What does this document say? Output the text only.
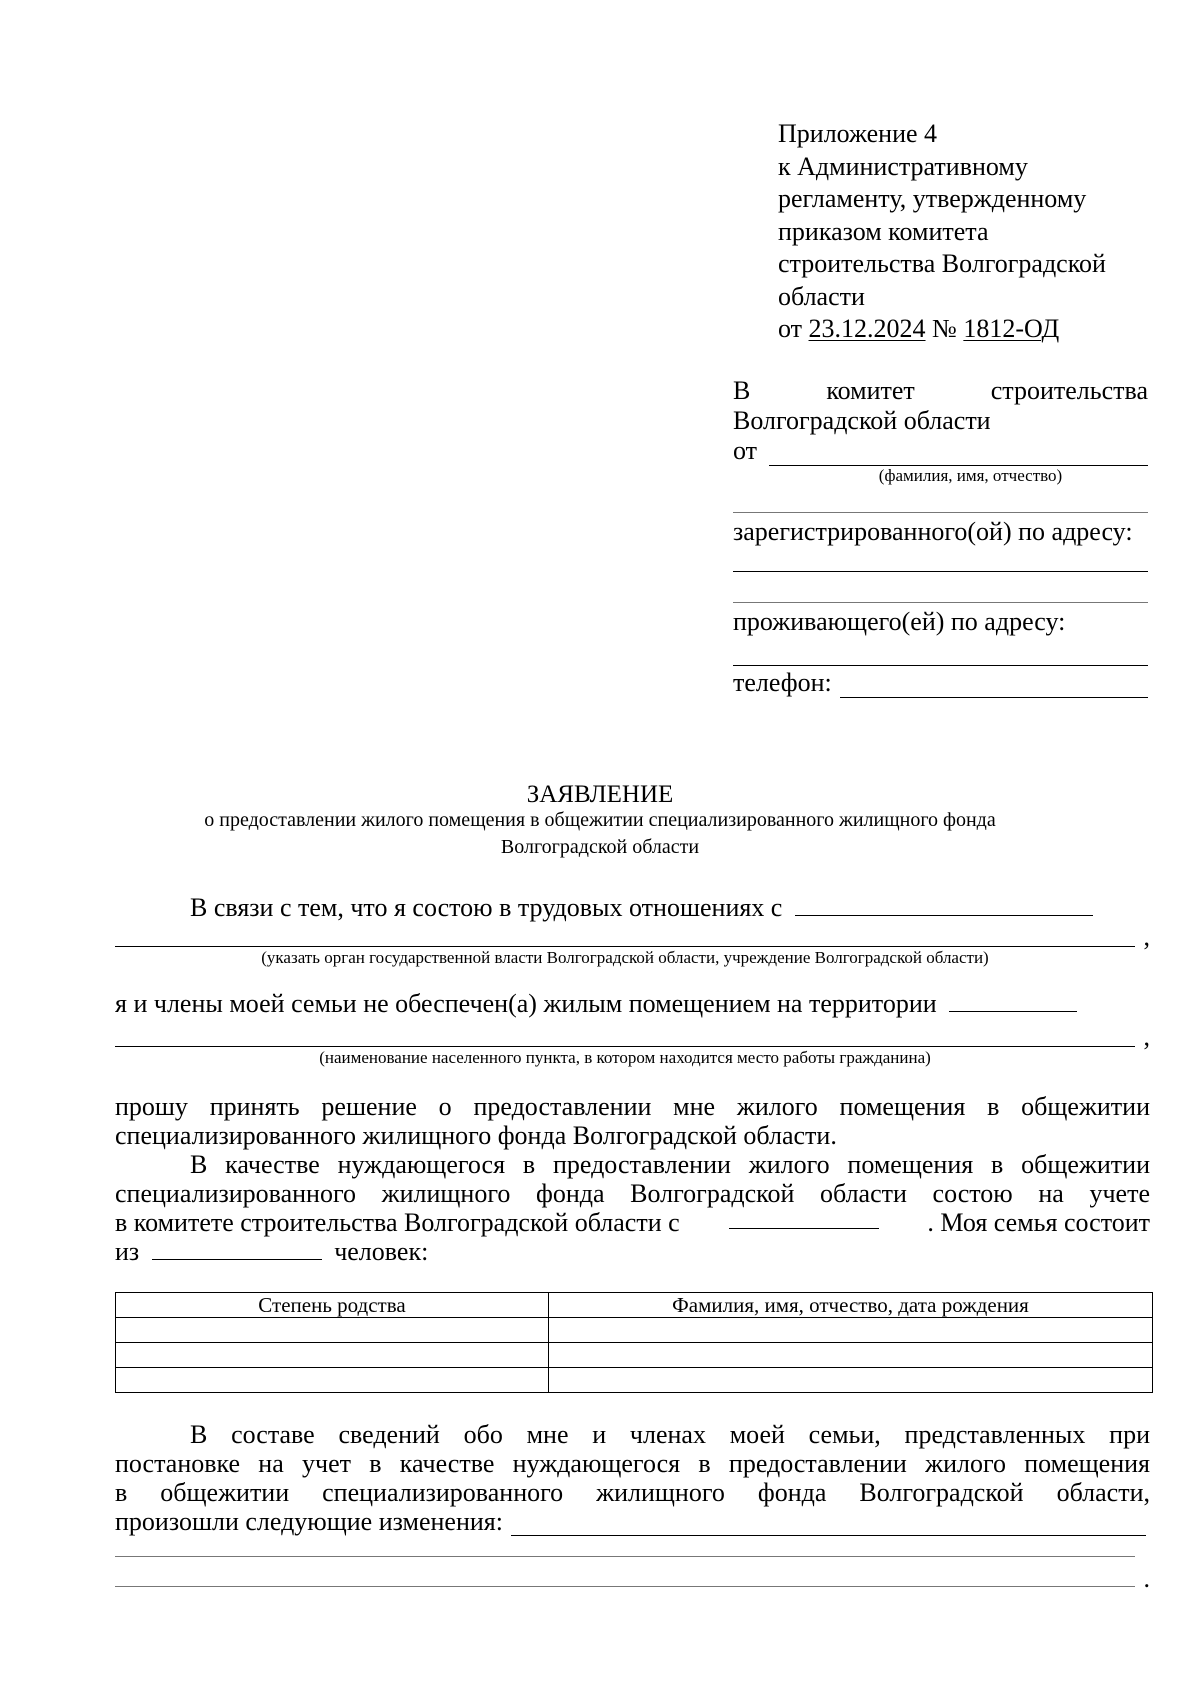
Приложение 4
к Административному
регламенту, утвержденному
приказом комитета
строительства Волгоградской
области
от 23.12.2024 № 1812-ОД
В	комитет	строительства
Волгоградской области
от
(фамилия, имя, отчество)
зарегистрированного(ой) по адресу:
проживающего(ей) по адресу:
телефон:
ЗАЯВЛЕНИЕ
о предоставлении жилого помещения в общежитии специализированного жилищного фонда
Волгоградской области
В связи с тем, что я состою в трудовых отношениях с
,
(указать орган государственной власти Волгоградской области, учреждение Волгоградской области)
я и члены моей семьи не обеспечен(а) жилым помещением на территории
,
(наименование населенного пункта, в котором находится место работы гражданина)
прошу принять решение о предоставлении мне жилого помещения в общежитии
специализированного жилищного фонда Волгоградской области.
В качестве нуждающегося в предоставлении жилого помещения в общежитии
специализированного жилищного фонда Волгоградской области состою на учете
в комитете строительства Волгоградской области с	. Моя семья состоит
из	человек:
Степень родства	Фамилия, имя, отчество, дата рождения

В составе сведений обо мне и членах моей семьи, представленных при
постановке на учет в качестве нуждающегося в предоставлении жилого помещения
в общежитии специализированного жилищного фонда Волгоградской области,
произошли следующие изменения:
.
